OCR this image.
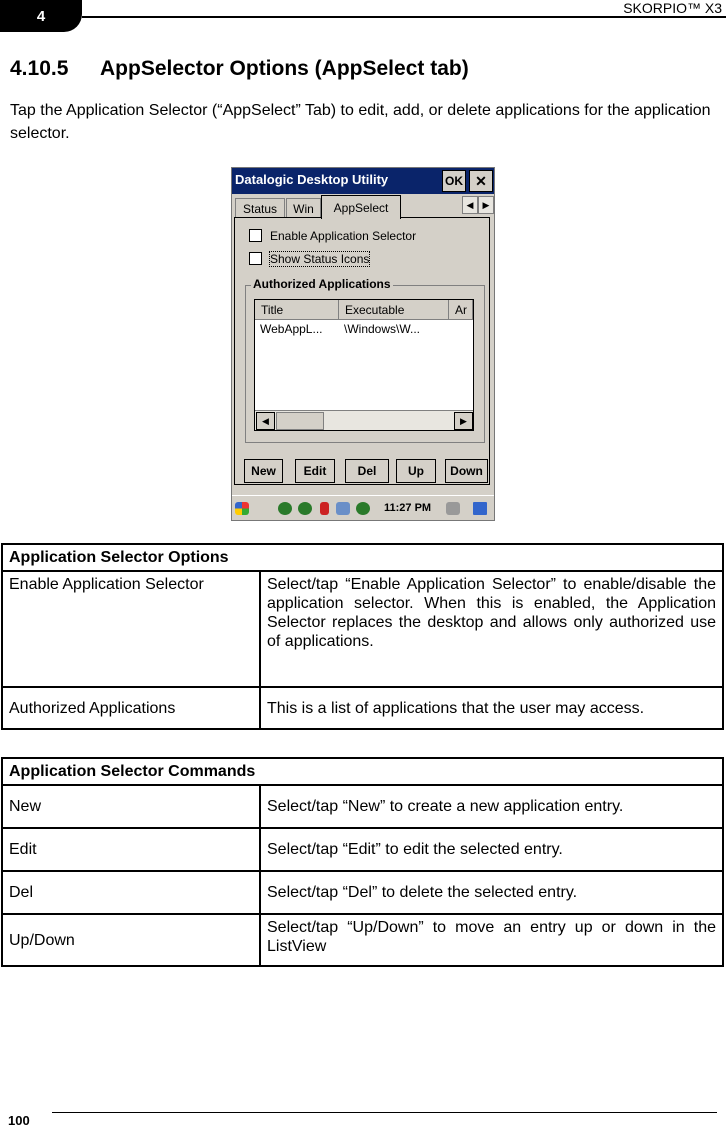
4	SKORPIO™ X3
4.10.5 AppSelector Options (AppSelect tab)
Tap the Application Selector (“AppSelect” Tab) to edit, add, or delete applications for the application selector.
Datalogic Desktop Utility	OK ✕
Status	Win	AppSelect	◀	▶
Enable Application Selector
Show Status Icons
Authorized Applications
Title	Executable	Ar
WebAppL... \Windows\W...
◀	▶
New	Edit	Del	Up	Down
11:27 PM
Application Selector Options	
Enable Application Selector	Select/tap “Enable Application Selector” to enable/disable the application selector. When this is enabled, the Application Selector replaces the desktop and allows only authorized use of applications.
Authorized Applications	This is a list of applications that the user may access.
Application Selector Commands	
New	Select/tap “New” to create a new application entry.
Edit	Select/tap “Edit” to edit the selected entry.
Del	Select/tap “Del” to delete the selected entry.
Up/Down	Select/tap “Up/Down” to move an entry up or down in the ListView
100
